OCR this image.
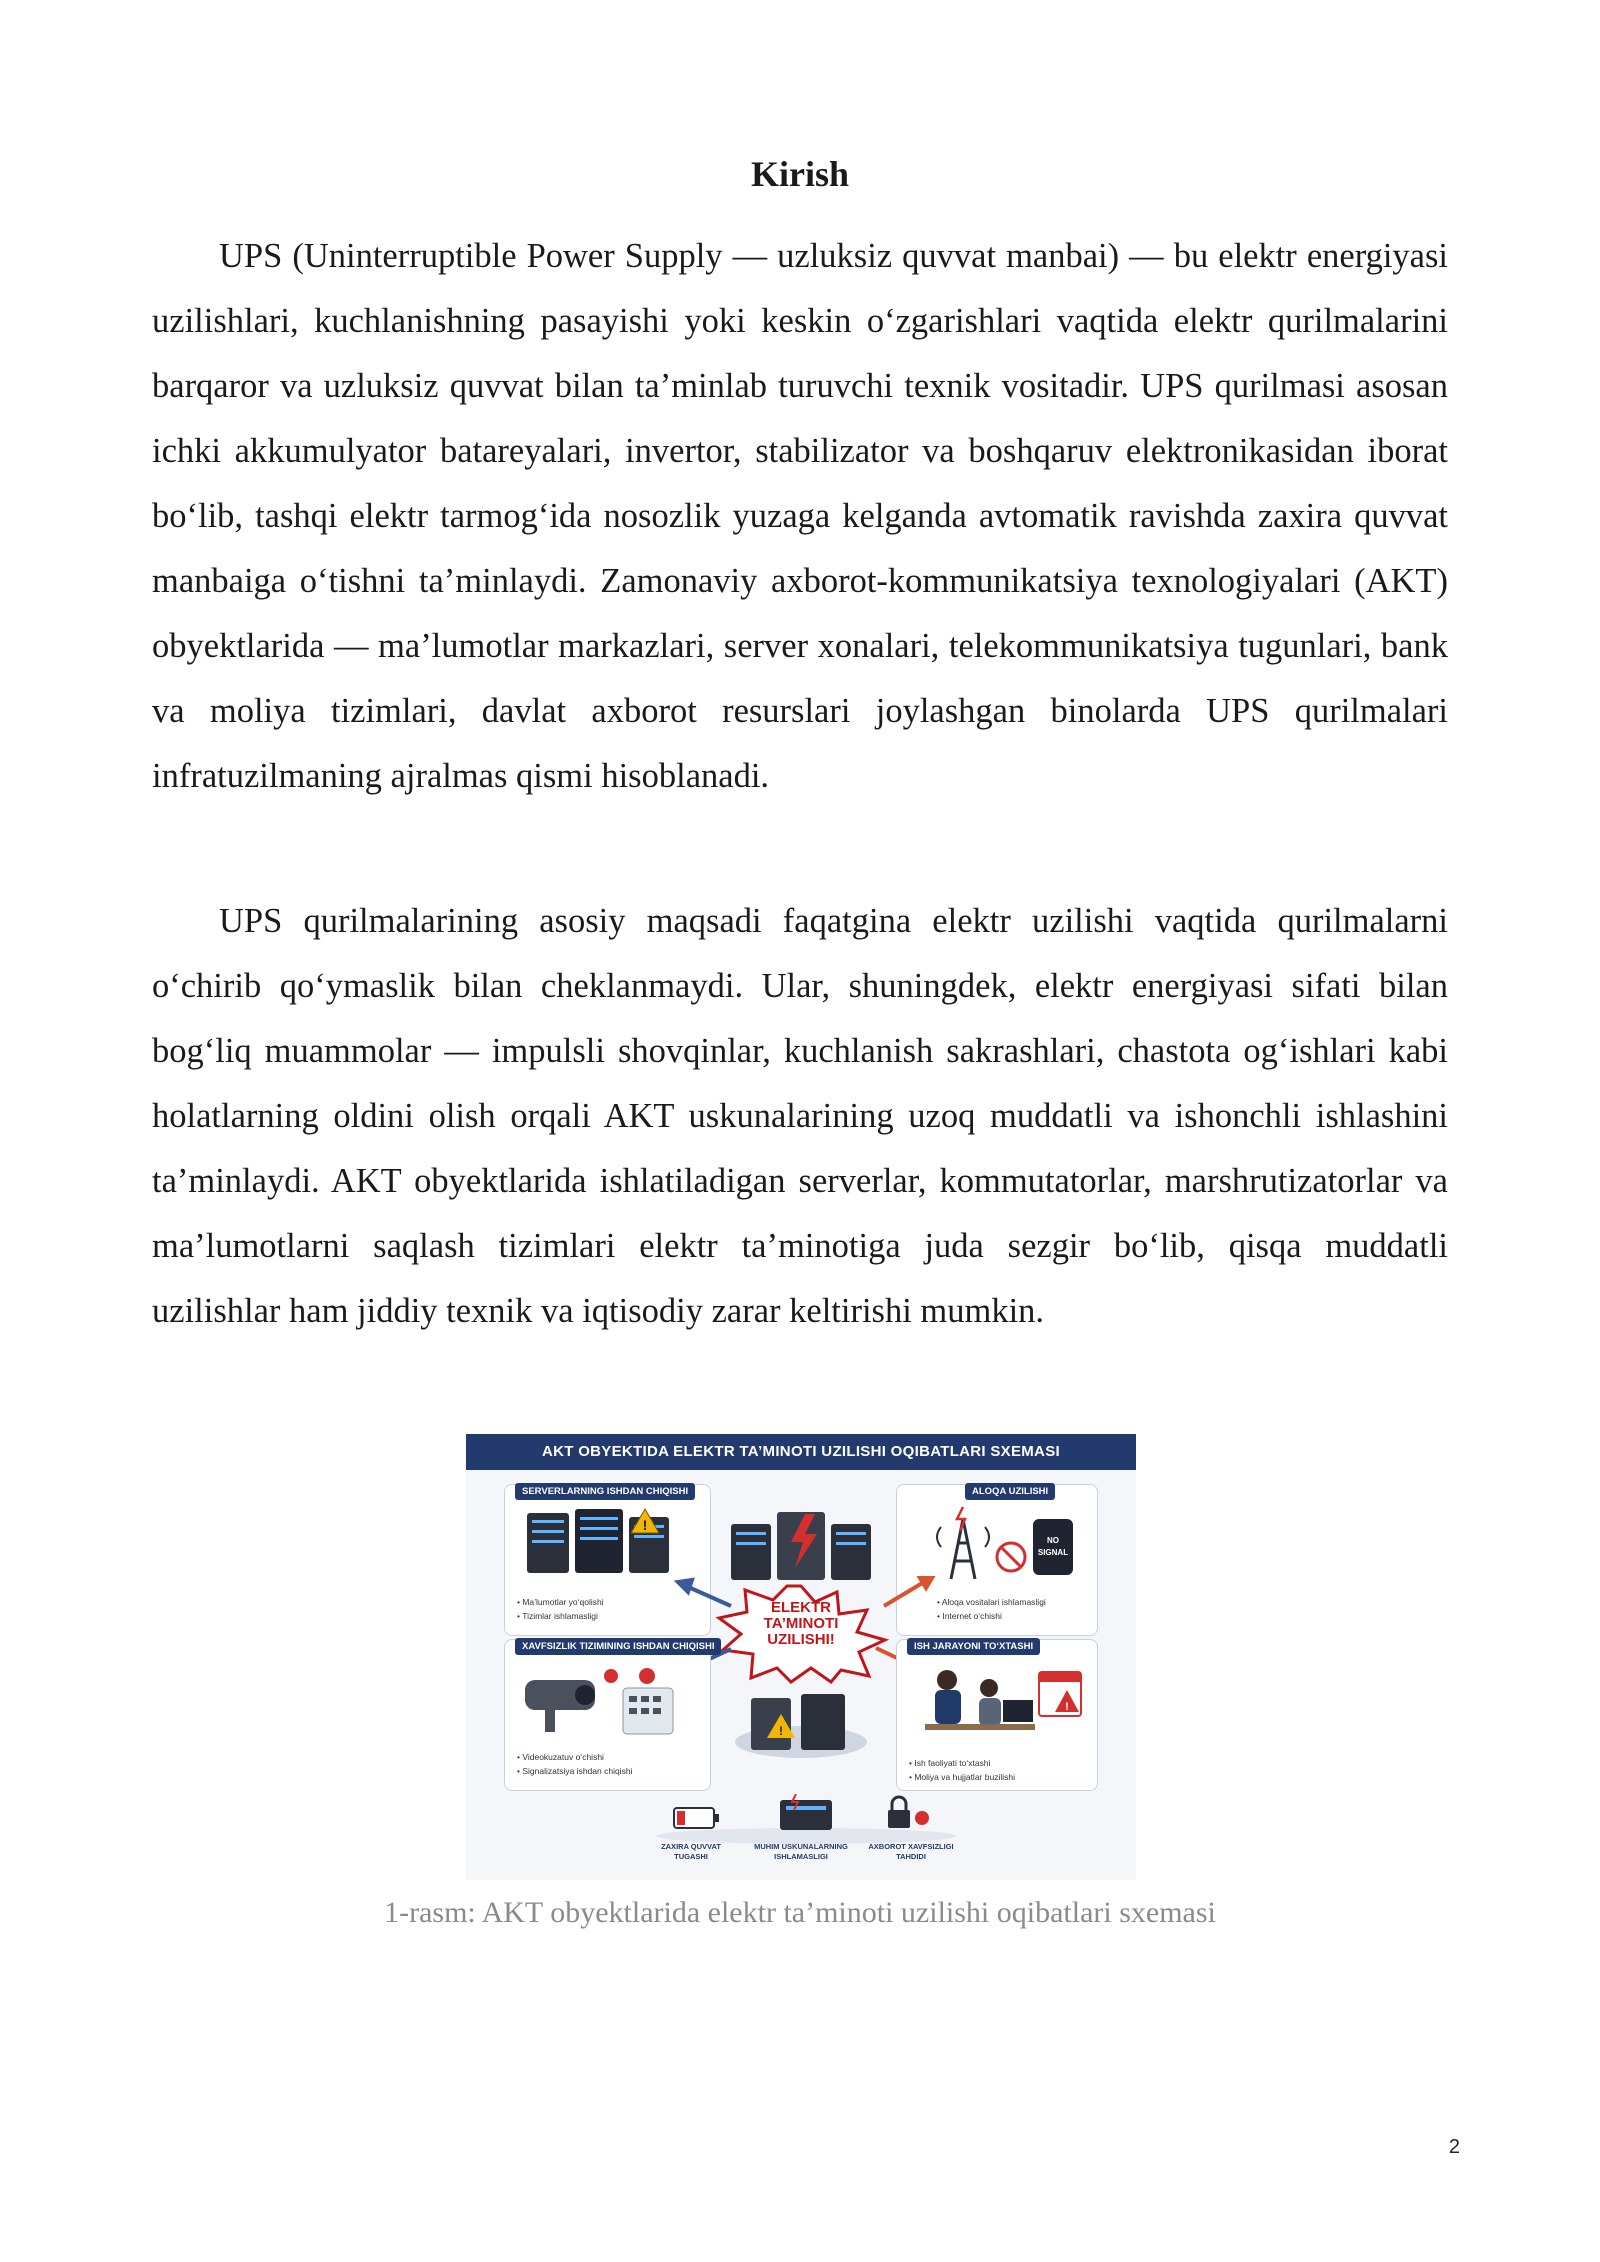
Kirish

UPS (Uninterruptible Power Supply — uzluksiz quvvat manbai) — bu elektr energiyasi uzilishlari, kuchlanishning pasayishi yoki keskin o‘zgarishlari vaqtida elektr qurilmalarini barqaror va uzluksiz quvvat bilan ta’minlab turuvchi texnik vositadir. UPS qurilmasi asosan ichki akkumulyator batareyalari, invertor, stabilizator va boshqaruv elektronikasidan iborat bo‘lib, tashqi elektr tarmog‘ida nosozlik yuzaga kelganda avtomatik ravishda zaxira quvvat manbaiga o‘tishni ta’minlaydi. Zamonaviy axborot-kommunikatsiya texnologiyalari (AKT) obyektlarida — ma’lumotlar markazlari, server xonalari, telekommunikatsiya tugunlari, bank va moliya tizimlari, davlat axborot resurslari joylashgan binolarda UPS qurilmalari infratuzilmaning ajralmas qismi hisoblanadi.

UPS qurilmalarining asosiy maqsadi faqatgina elektr uzilishi vaqtida qurilmalarni o‘chirib qo‘ymaslik bilan cheklanmaydi. Ular, shuningdek, elektr energiyasi sifati bilan bog‘liq muammolar — impulsli shovqinlar, kuchlanish sakrashlari, chastota og‘ishlari kabi holatlarning oldini olish orqali AKT uskunalarining uzoq muddatli va ishonchli ishlashini ta’minlaydi. AKT obyektlarida ishlatiladigan serverlar, kommutatorlar, marshrutizatorlar va ma’lumotlarni saqlash tizimlari elektr ta’minotiga juda sezgir bo‘lib, qisqa muddatli uzilishlar ham jiddiy texnik va iqtisodiy zarar keltirishi mumkin.

AKT OBYEKTIDA ELEKTR TA’MINOTI UZILISHI OQIBATLARI SXEMASI
SERVERLARNING ISHDAN CHIQISHI
!
• Ma’lumotlar yo‘qolishi
• Tizimlar ishlamasligi
ALOQA UZILISHI
NO
SIGNAL
• Aloqa vositalari ishlamasligi
• Internet o‘chishi
ELEKTR
TA’MINOTI
UZILISHI!
XAVFSIZLIK TIZIMINING ISHDAN CHIQISHI
• Videokuzatuv o‘chishi
• Signalizatsiya ishdan chiqishi
!
ISH JARAYONI TO‘XTASHI
!
• Ish faoliyati to‘xtashi
• Moliya va hujjatlar buzilishi
ZAXIRA QUVVAT
TUGASHI
MUHIM USKUNALARNING
ISHLAMASLIGI
AXBOROT XAVFSIZLIGI
TAHDIDI
1-rasm: AKT obyektlarida elektr ta’minoti uzilishi oqibatlari sxemasi
2
